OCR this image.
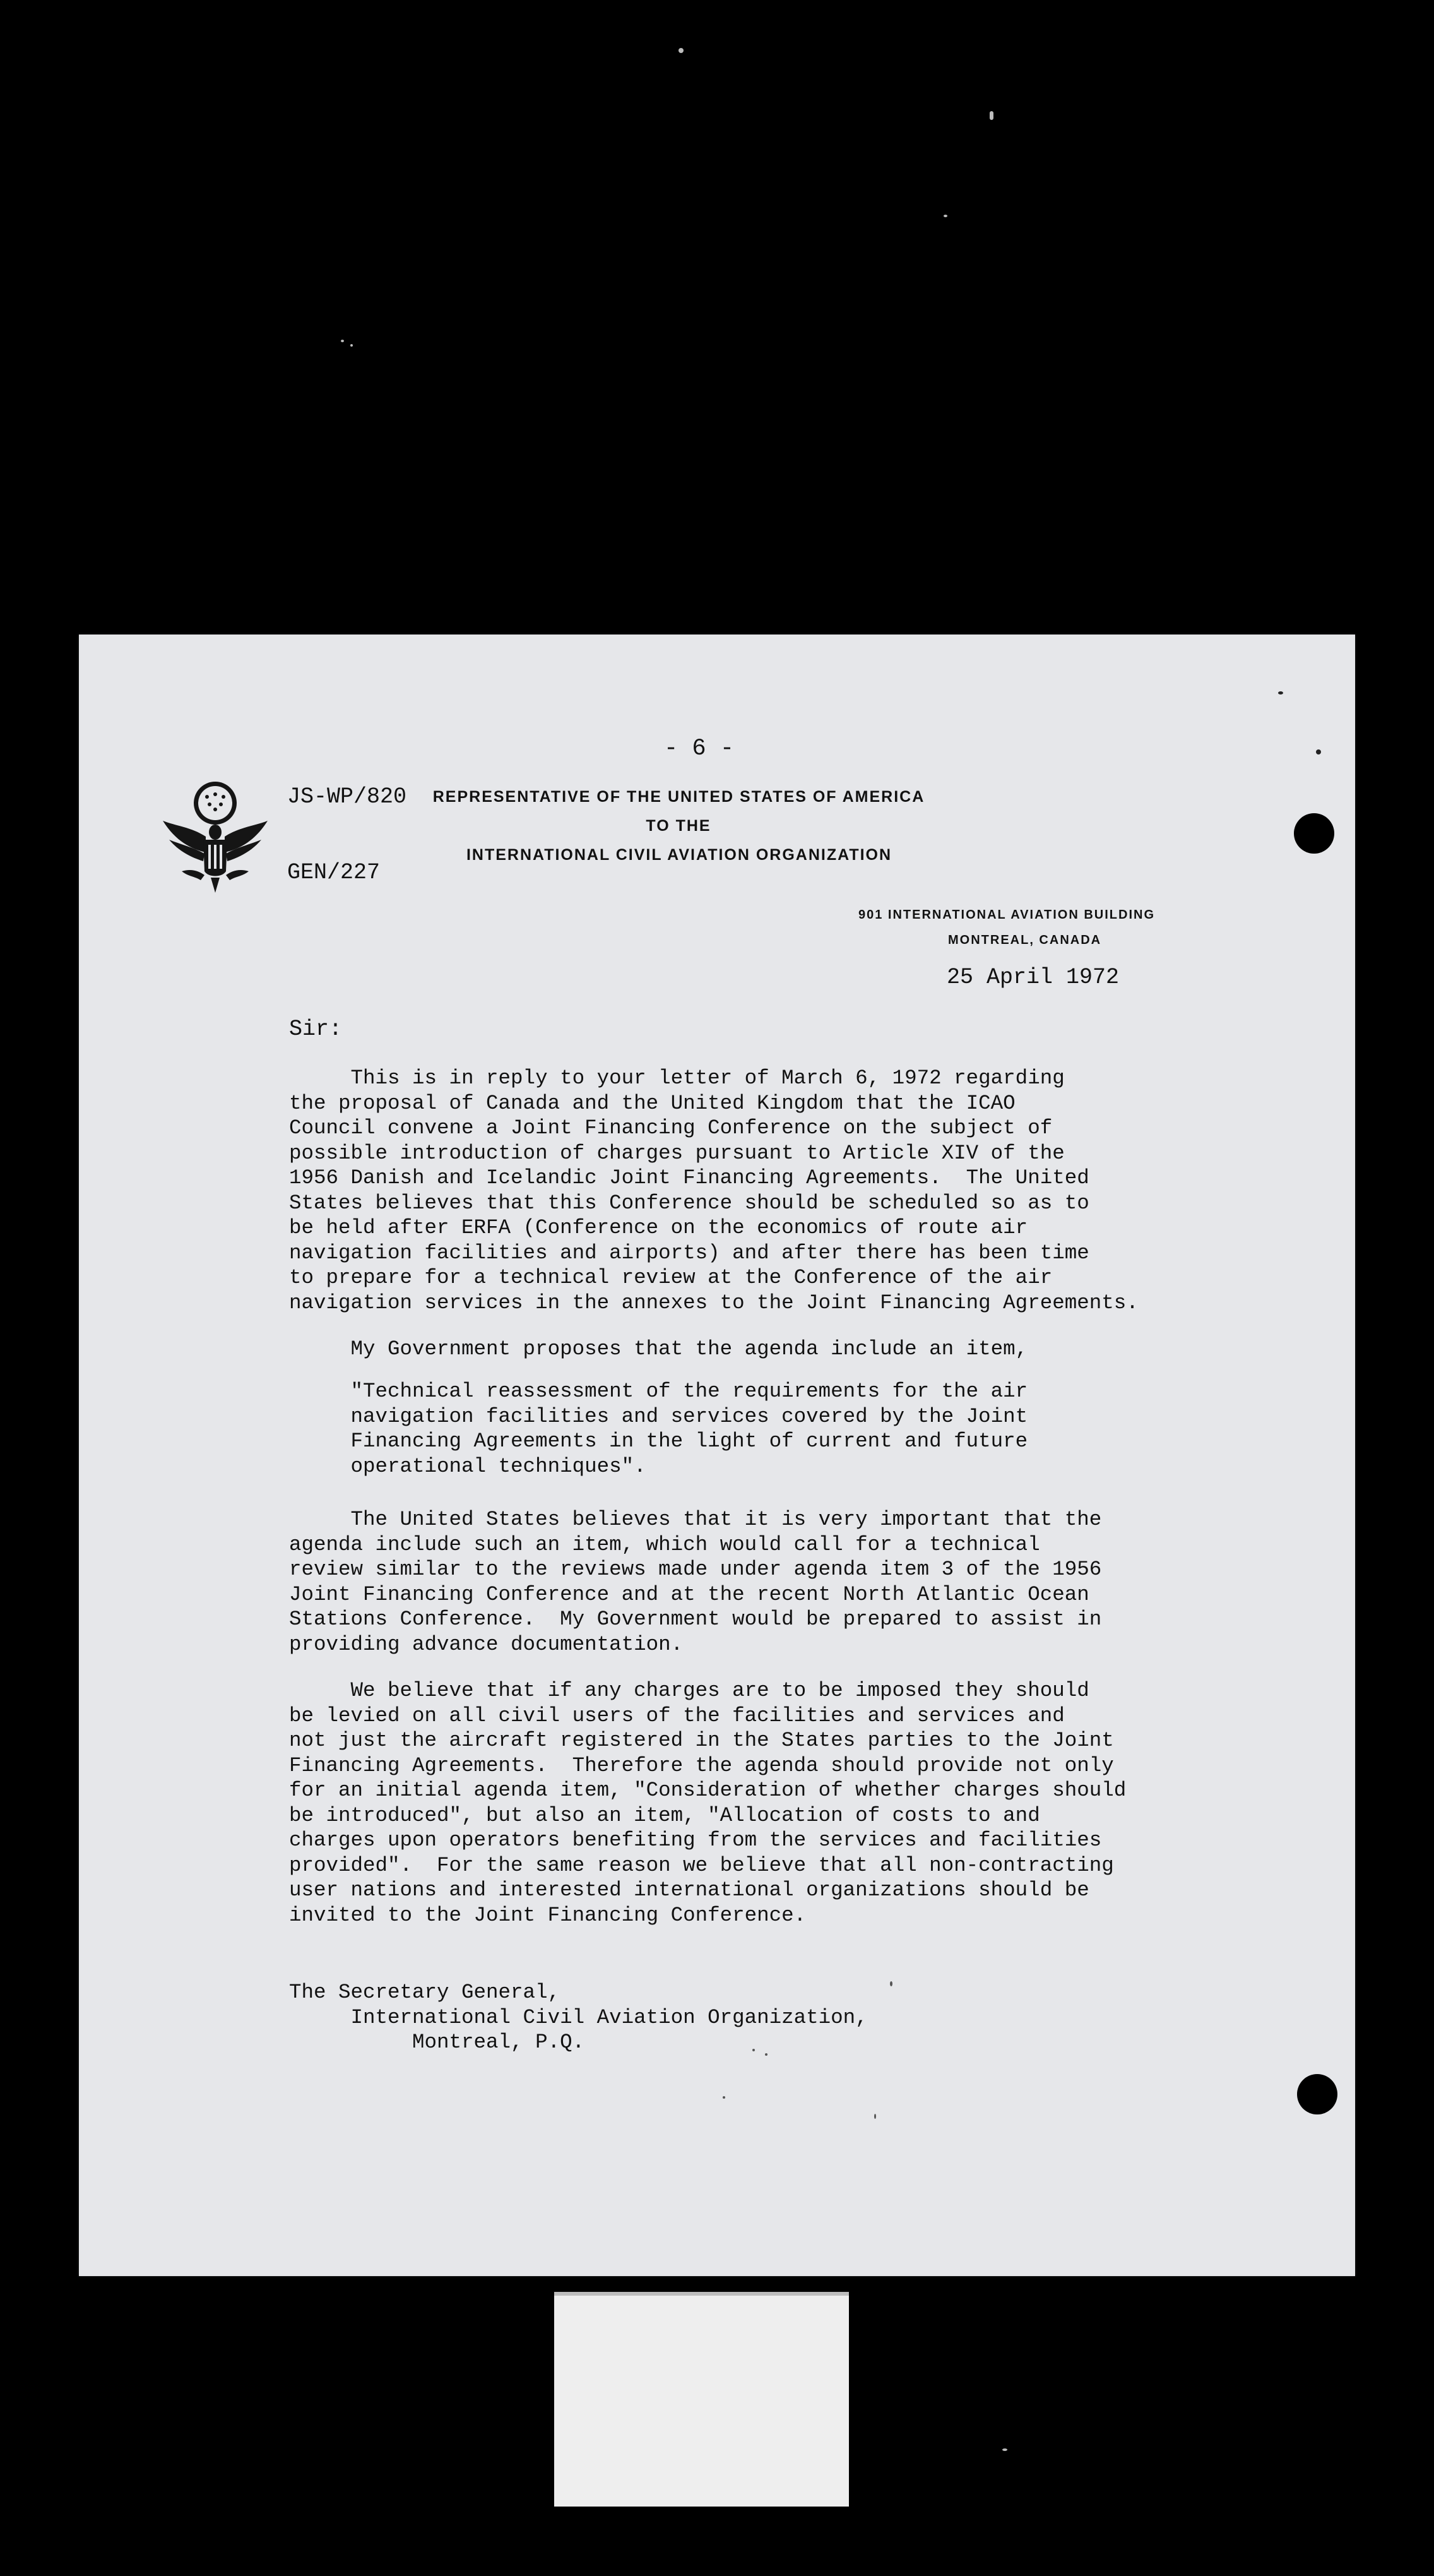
JS-WP/820

GEN/227

- 6 -
REPRESENTATIVE OF THE UNITED STATES OF AMERICA
TO THE
INTERNATIONAL CIVIL AVIATION ORGANIZATION
901 INTERNATIONAL AVIATION BUILDING
MONTREAL, CANADA
25 April 1972
Sir:
This is in reply to your letter of March 6, 1972 regarding
the proposal of Canada and the United Kingdom that the ICAO
Council convene a Joint Financing Conference on the subject of
possible introduction of charges pursuant to Article XIV of the
1956 Danish and Icelandic Joint Financing Agreements.  The United
States believes that this Conference should be scheduled so as to
be held after ERFA (Conference on the economics of route air
navigation facilities and airports) and after there has been time
to prepare for a technical review at the Conference of the air
navigation services in the annexes to the Joint Financing Agreements.
My Government proposes that the agenda include an item,
"Technical reassessment of the requirements for the air
navigation facilities and services covered by the Joint
Financing Agreements in the light of current and future
operational techniques".
The United States believes that it is very important that the
agenda include such an item, which would call for a technical
review similar to the reviews made under agenda item 3 of the 1956
Joint Financing Conference and at the recent North Atlantic Ocean
Stations Conference.  My Government would be prepared to assist in
providing advance documentation.
We believe that if any charges are to be imposed they should
be levied on all civil users of the facilities and services and
not just the aircraft registered in the States parties to the Joint
Financing Agreements.  Therefore the agenda should provide not only
for an initial agenda item, "Consideration of whether charges should
be introduced", but also an item, "Allocation of costs to and
charges upon operators benefiting from the services and facilities
provided".  For the same reason we believe that all non-contracting
user nations and interested international organizations should be
invited to the Joint Financing Conference.
The Secretary General,
International Civil Aviation Organization,
Montreal, P.Q.
